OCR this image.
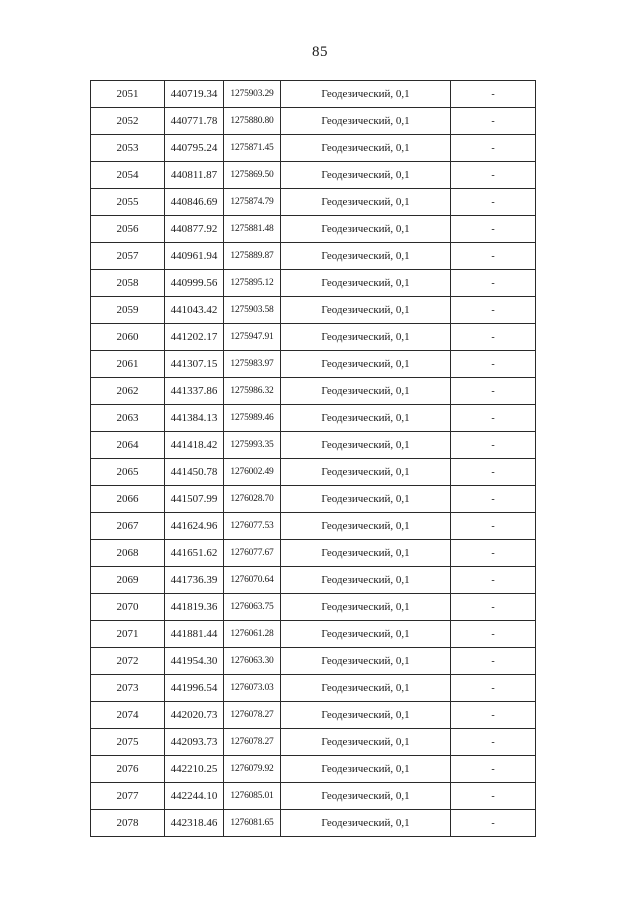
85
2051	440719.34	1275903.29	Геодезический, 0,1	-
2052	440771.78	1275880.80	Геодезический, 0,1	-
2053	440795.24	1275871.45	Геодезический, 0,1	-
2054	440811.87	1275869.50	Геодезический, 0,1	-
2055	440846.69	1275874.79	Геодезический, 0,1	-
2056	440877.92	1275881.48	Геодезический, 0,1	-
2057	440961.94	1275889.87	Геодезический, 0,1	-
2058	440999.56	1275895.12	Геодезический, 0,1	-
2059	441043.42	1275903.58	Геодезический, 0,1	-
2060	441202.17	1275947.91	Геодезический, 0,1	-
2061	441307.15	1275983.97	Геодезический, 0,1	-
2062	441337.86	1275986.32	Геодезический, 0,1	-
2063	441384.13	1275989.46	Геодезический, 0,1	-
2064	441418.42	1275993.35	Геодезический, 0,1	-
2065	441450.78	1276002.49	Геодезический, 0,1	-
2066	441507.99	1276028.70	Геодезический, 0,1	-
2067	441624.96	1276077.53	Геодезический, 0,1	-
2068	441651.62	1276077.67	Геодезический, 0,1	-
2069	441736.39	1276070.64	Геодезический, 0,1	-
2070	441819.36	1276063.75	Геодезический, 0,1	-
2071	441881.44	1276061.28	Геодезический, 0,1	-
2072	441954.30	1276063.30	Геодезический, 0,1	-
2073	441996.54	1276073.03	Геодезический, 0,1	-
2074	442020.73	1276078.27	Геодезический, 0,1	-
2075	442093.73	1276078.27	Геодезический, 0,1	-
2076	442210.25	1276079.92	Геодезический, 0,1	-
2077	442244.10	1276085.01	Геодезический, 0,1	-
2078	442318.46	1276081.65	Геодезический, 0,1	-
